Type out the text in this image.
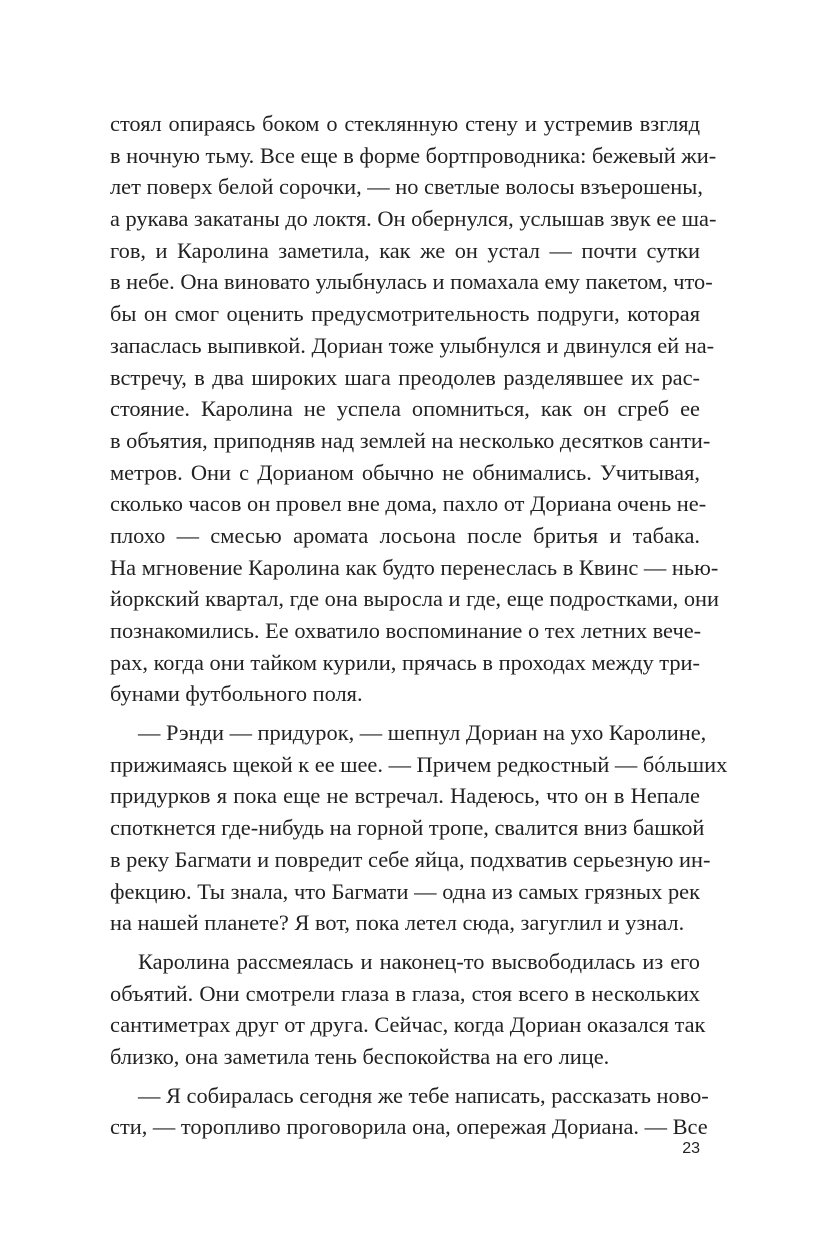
стоял опираясь боком о стеклянную стену и устремив взгляд
в ночную тьму. Все еще в форме бортпроводника: бежевый жи-
лет поверх белой сорочки, — но светлые волосы взъерошены,
а рукава закатаны до локтя. Он обернулся, услышав звук ее ша-
гов, и Каролина заметила, как же он устал — почти сутки
в небе. Она виновато улыбнулась и помахала ему пакетом, что-
бы он смог оценить предусмотрительность подруги, которая
запаслась выпивкой. Дориан тоже улыбнулся и двинулся ей на-
встречу, в два широких шага преодолев разделявшее их рас-
стояние. Каролина не успела опомниться, как он сгреб ее
в объятия, приподняв над землей на несколько десятков санти-
метров. Они с Дорианом обычно не обнимались. Учитывая,
сколько часов он провел вне дома, пахло от Дориана очень не-
плохо — смесью аромата лосьона после бритья и табака.
На мгновение Каролина как будто перенеслась в Квинс — нью-
йоркский квартал, где она выросла и где, еще подростками, они
познакомились. Ее охватило воспоминание о тех летних вече-
рах, когда они тайком курили, прячась в проходах между три-
бунами футбольного поля.
— Рэнди — придурок, — шепнул Дориан на ухо Каролине,
прижимаясь щекой к ее шее. — Причем редкостный — бóльших
придурков я пока еще не встречал. Надеюсь, что он в Непале
споткнется где-нибудь на горной тропе, свалится вниз башкой
в реку Багмати и повредит себе яйца, подхватив серьезную ин-
фекцию. Ты знала, что Багмати — одна из самых грязных рек
на нашей планете? Я вот, пока летел сюда, загуглил и узнал.
Каролина рассмеялась и наконец-то высвободилась из его
объятий. Они смотрели глаза в глаза, стоя всего в нескольких
сантиметрах друг от друга. Сейчас, когда Дориан оказался так
близко, она заметила тень беспокойства на его лице.
— Я собиралась сегодня же тебе написать, рассказать ново-
сти, — торопливо проговорила она, опережая Дориана. — Все
23
